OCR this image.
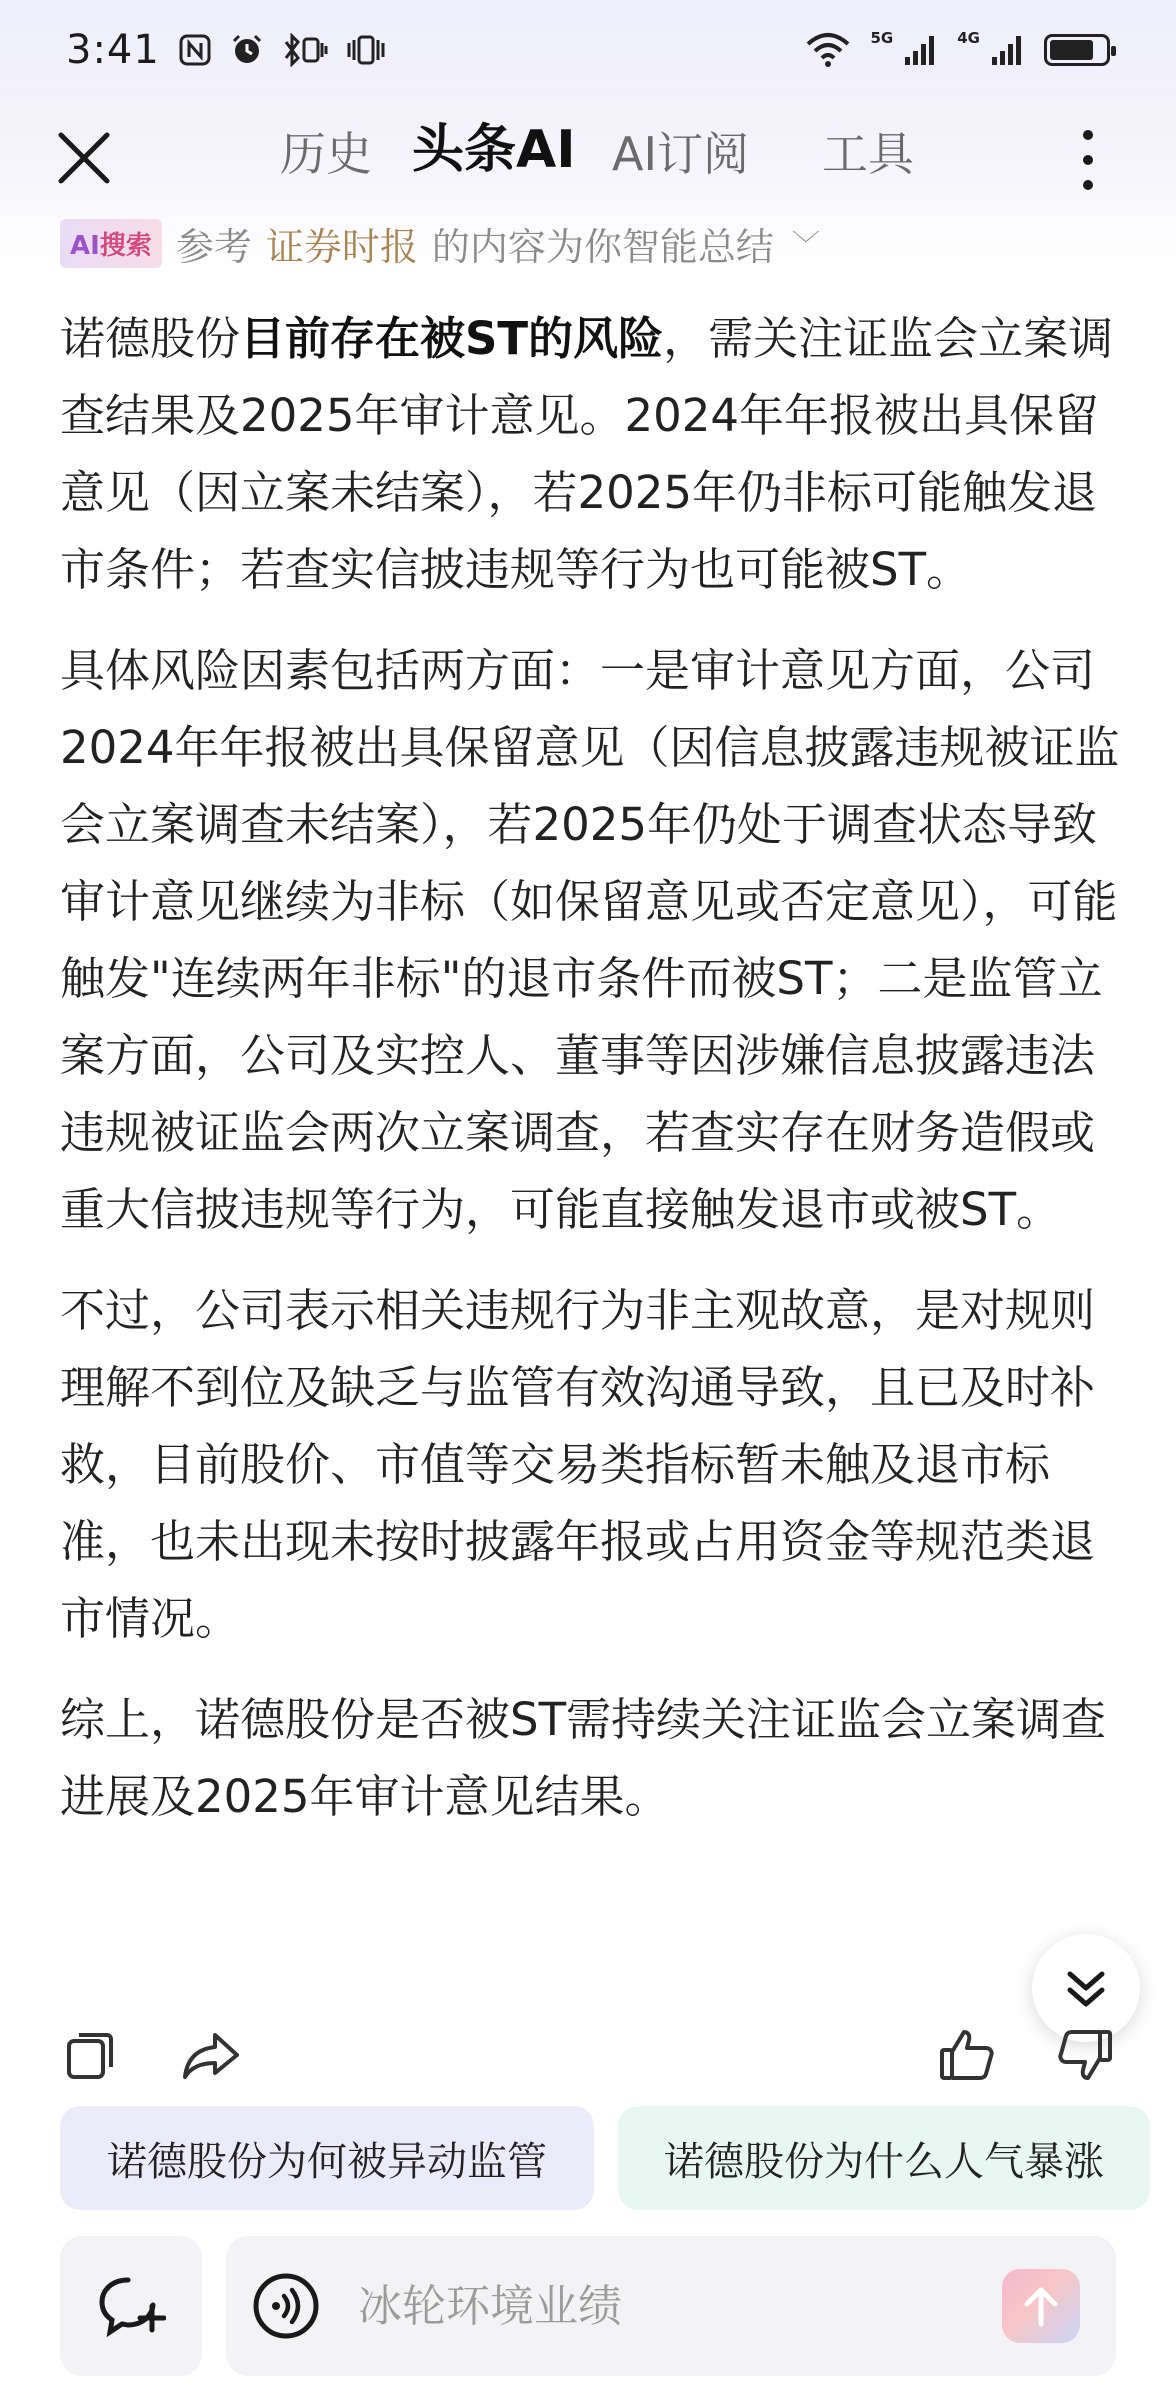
3:41	5G	4G
历史 头条AI AI订阅 工具
AI搜索 参考 证券时报 的内容为你智能总结 ﹀

诺德股份目前存在被ST的风险，需关注证监会立案调查结果及2025年审计意见。2024年年报被出具保留意见（因立案未结案），若2025年仍非标可能触发退市条件；若查实信披违规等行为也可能被ST。

具体风险因素包括两方面：一是审计意见方面，公司2024年年报被出具保留意见（因信息披露违规被证监会立案调查未结案），若2025年仍处于调查状态导致审计意见继续为非标（如保留意见或否定意见），可能触发"连续两年非标"的退市条件而被ST；二是监管立案方面，公司及实控人、董事等因涉嫌信息披露违法违规被证监会两次立案调查，若查实存在财务造假或重大信披违规等行为，可能直接触发退市或被ST。

不过，公司表示相关违规行为非主观故意，是对规则理解不到位及缺乏与监管有效沟通导致，且已及时补救，目前股价、市值等交易类指标暂未触及退市标准，也未出现未按时披露年报或占用资金等规范类退市情况。

综上，诺德股份是否被ST需持续关注证监会立案调查进展及2025年审计意见结果。

诺德股份为何被异动监管	诺德股份为什么人气暴涨
冰轮环境业绩
